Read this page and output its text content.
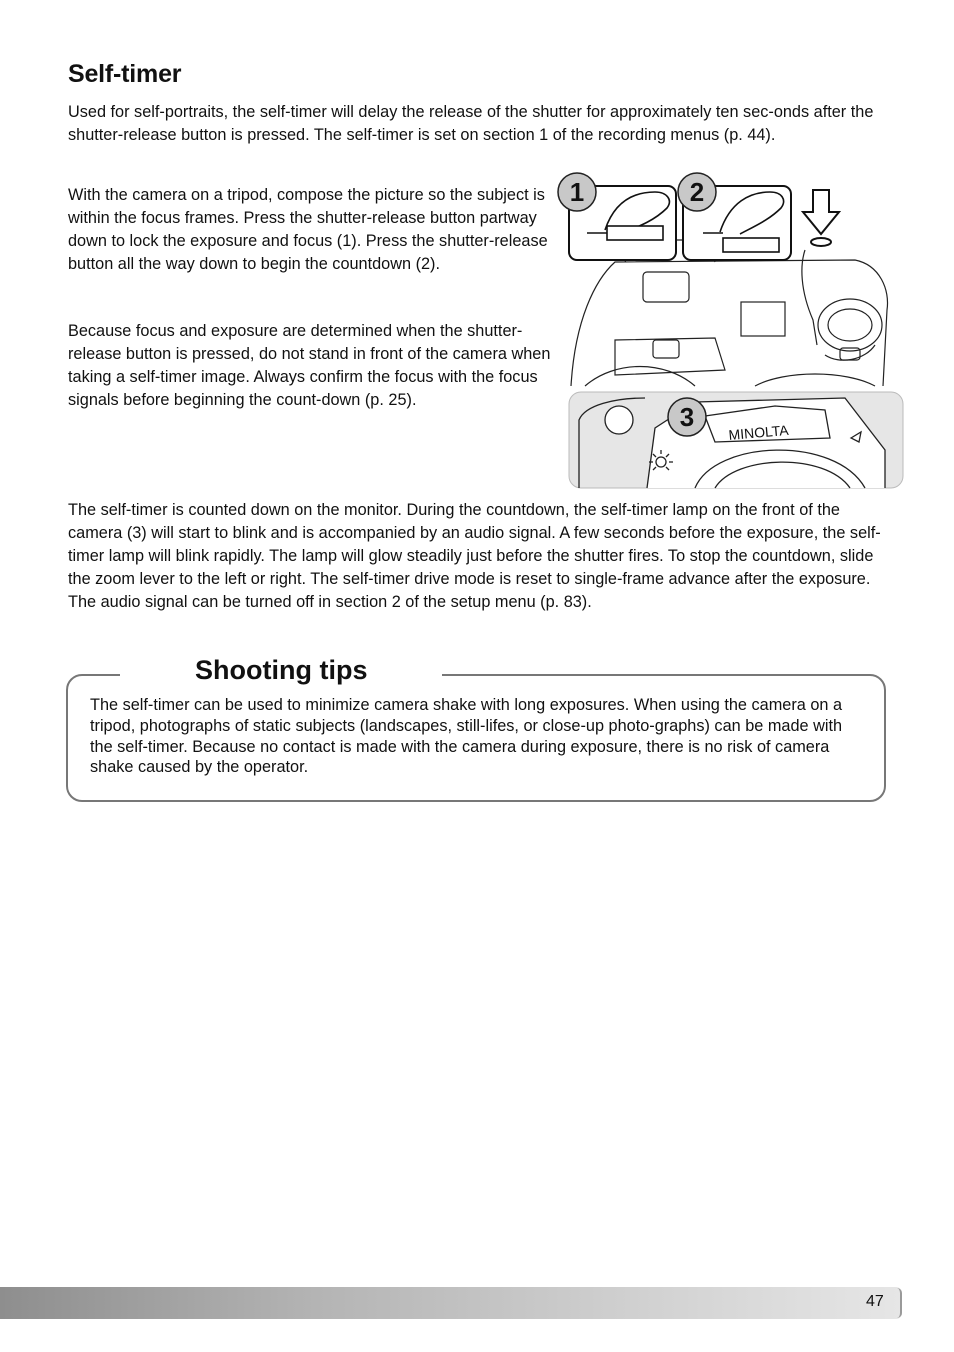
Self-timer

Used for self-portraits, the self-timer will delay the release of the shutter for approximately ten sec-onds after the shutter-release button is pressed. The self-timer is set on section 1 of the recording menus (p. 44).

With the camera on a tripod, compose the picture so the subject is within the focus frames. Press the shutter-release button partway down to lock the exposure and focus (1). Press the shutter-release button all the way down to begin the countdown (2).

Because focus and exposure are determined when the shutter-release button is pressed, do not stand in front of the camera when taking a self-timer image. Always confirm the focus with the focus signals before beginning the count-down (p. 25).

1	2
3
MINOLTA

The self-timer is counted down on the monitor. During the countdown, the self-timer lamp on the front of the camera (3) will start to blink and is accompanied by an audio signal. A few seconds before the exposure, the self-timer lamp will blink rapidly. The lamp will glow steadily just before the shutter fires. To stop the countdown, slide the zoom lever to the left or right. The self-timer drive mode is reset to single-frame advance after the exposure. The audio signal can be turned off in section 2 of the setup menu (p. 83).

Shooting tips

The self-timer can be used to minimize camera shake with long exposures. When using the camera on a tripod, photographs of static subjects (landscapes, still-lifes, or close-up photo-graphs) can be made with the self-timer. Because no contact is made with the camera during exposure, there is no risk of camera shake caused by the operator.

47
